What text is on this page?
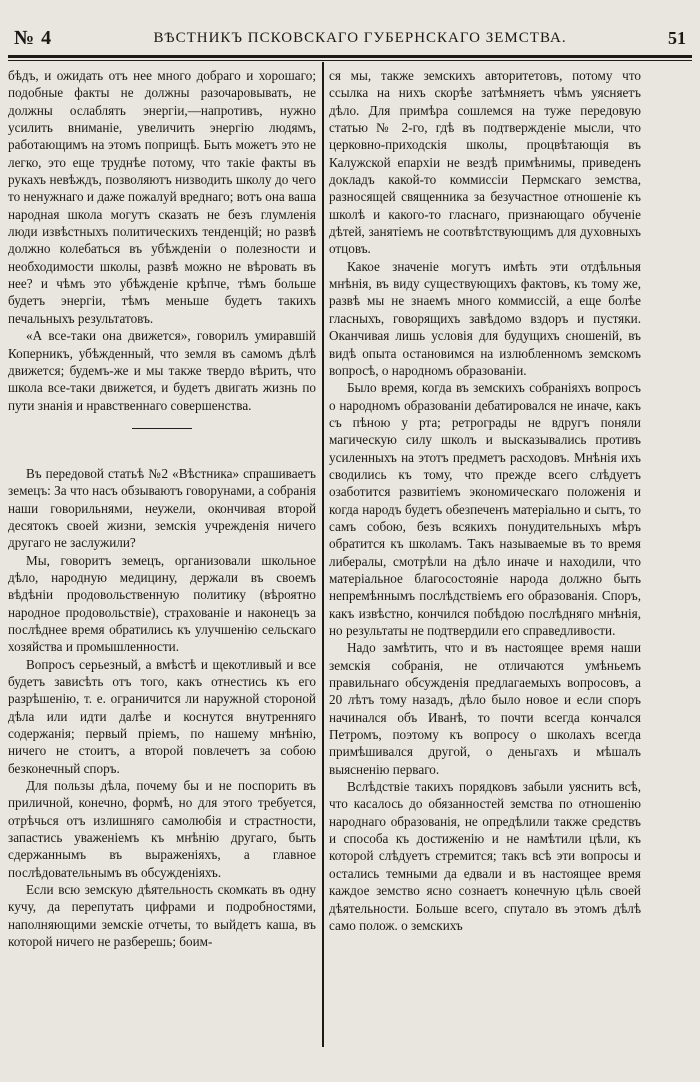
№ 4	ВѢСТНИКЪ ПСКОВСКАГО ГУБЕРНСКАГО ЗЕМСТВА.	51

бѣдъ, и ожидать отъ нее много добраго и хорошаго; подобные факты не должны разочаровывать, не должны ослаблять энергіи,—напротивъ, нужно усилить вниманіе, увеличить энергію людямъ, работающимъ на этомъ поприщѣ. Быть можетъ это не легко, это еще труднѣе потому, что такіе факты въ рукахъ невѣждъ, позволяютъ низводить школу до чего то ненужнаго и даже пожалуй вреднаго; вотъ она ваша народная школа могутъ сказать не безъ глумленія люди извѣстныхъ политическихъ тенденцій; но развѣ должно колебаться въ убѣжденіи о полезности и необходимости школы, развѣ можно не вѣровать въ нее? и чѣмъ это убѣжденіе крѣпче, тѣмъ больше будетъ энергіи, тѣмъ меньше будетъ такихъ печальныхъ результатовъ.

«А все-таки она движется», говорилъ умиравшій Коперникъ, убѣжденный, что земля въ самомъ дѣлѣ движется; будемъ-же и мы также твердо вѣрить, что школа все-таки движется, и будетъ двигать жизнь по пути знанія и нравственнаго совершенства.

Въ передовой статьѣ №2 «Вѣстника» спрашиваетъ земецъ: За что насъ обзываютъ говорунами, а собранія наши говорильнями, неужели, окончивая второй десятокъ своей жизни, земскія учрежденія ничего другаго не заслужили?

Мы, говоритъ земецъ, организовали школьное дѣло, народную медицину, держали въ своемъ вѣдѣніи продовольственную политику (вѣроятно народное продовольствіе), страхованіе и наконецъ за послѣднее время обратились къ улучшенію сельскаго хозяйства и промышленности.

Вопросъ серьезный, а вмѣстѣ и щекотливый и все будетъ зависѣть отъ того, какъ отнестись къ его разрѣшенію, т. е. ограничится ли наружной стороной дѣла или идти далѣе и коснутся внутренняго содержанія; первый пріемъ, по нашему мнѣнію, ничего не стоитъ, а второй повлечетъ за собою безконечный споръ.

Для пользы дѣла, почему бы и не поспорить въ приличной, конечно, формѣ, но для этого требуется, отрѣчься отъ излишняго самолюбія и страстности, запастись уваженіемъ къ мнѣнію другаго, быть сдержаннымъ въ выраженіяхъ, а главное послѣдовательнымъ въ обсужденіяхъ.

Если всю земскую дѣятельность скомкать въ одну кучу, да перепутать цифрами и подробностями, наполняющими земскіе отчеты, то выйдетъ каша, въ которой ничего не разберешь; боим-

ся мы, также земскихъ авторитетовъ, потому что ссылка на нихъ скорѣе затѣмняетъ чѣмъ уясняетъ дѣло. Для примѣра сошлемся на туже передовую статью № 2-го, гдѣ въ подтвержденіе мысли, что церковно-приходскія школы, процвѣтающія въ Калужской епархіи не вездѣ примѣнимы, приведенъ докладъ какой-то коммиссіи Пермскаго земства, разносящей священника за безучастное отношеніе къ школѣ и какого-то гласнаго, признающаго обученіе дѣтей, занятіемъ не соотвѣтствующимъ для духовныхъ отцовъ.

Какое значеніе могутъ имѣть эти отдѣльныя мнѣнія, въ виду существующихъ фактовъ, къ тому же, развѣ мы не знаемъ много коммиссій, а еще болѣе гласныхъ, говорящихъ завѣдомо вздоръ и пустяки. Оканчивая лишь условія для будущихъ сношеній, въ видѣ опыта остановимся на излюбленномъ земскомъ вопросѣ, о народномъ образованіи.

Было время, когда въ земскихъ собраніяхъ вопросъ о народномъ образованіи дебатировался не иначе, какъ съ пѣною у рта; ретрограды не вдругъ поняли магическую силу школъ и высказывались противъ усиленныхъ на этотъ предметъ расходовъ. Мнѣнія ихъ сводились къ тому, что прежде всего слѣдуетъ озаботится развитіемъ экономическаго положенія и когда народъ будетъ обезпеченъ матеріально и сытъ, то самъ собою, безъ всякихъ понудительныхъ мѣръ обратится къ школамъ. Такъ называемые въ то время либералы, смотрѣли на дѣло иначе и находили, что матеріальное благосостояніе народа должно быть непремѣннымъ послѣдствіемъ его образованія. Споръ, какъ извѣстно, кончился побѣдою послѣдняго мнѣнія, но результаты не подтвердили его справедливости.

Надо замѣтить, что и въ настоящее время наши земскія собранія, не отличаются умѣньемъ правильнаго обсужденія предлагаемыхъ вопросовъ, а 20 лѣтъ тому назадъ, дѣло было новое и если споръ начинался объ Иванѣ, то почти всегда кончался Петромъ, поэтому къ вопросу о школахъ всегда примѣшивался другой, о деньгахъ и мѣшалъ выясненію перваго.

Вслѣдствіе такихъ порядковъ забыли уяснить всѣ, что касалось до обязанностей земства по отношенію народнаго образованія, не опредѣлили также средствъ и способа къ достиженію и не намѣтили цѣли, къ которой слѣдуетъ стремится; такъ всѣ эти вопросы и остались темными да едвали и въ настоящее время каждое земство ясно сознаетъ конечную цѣль своей дѣятельности. Больше всего, спутало въ этомъ дѣлѣ само полож. о земскихъ
